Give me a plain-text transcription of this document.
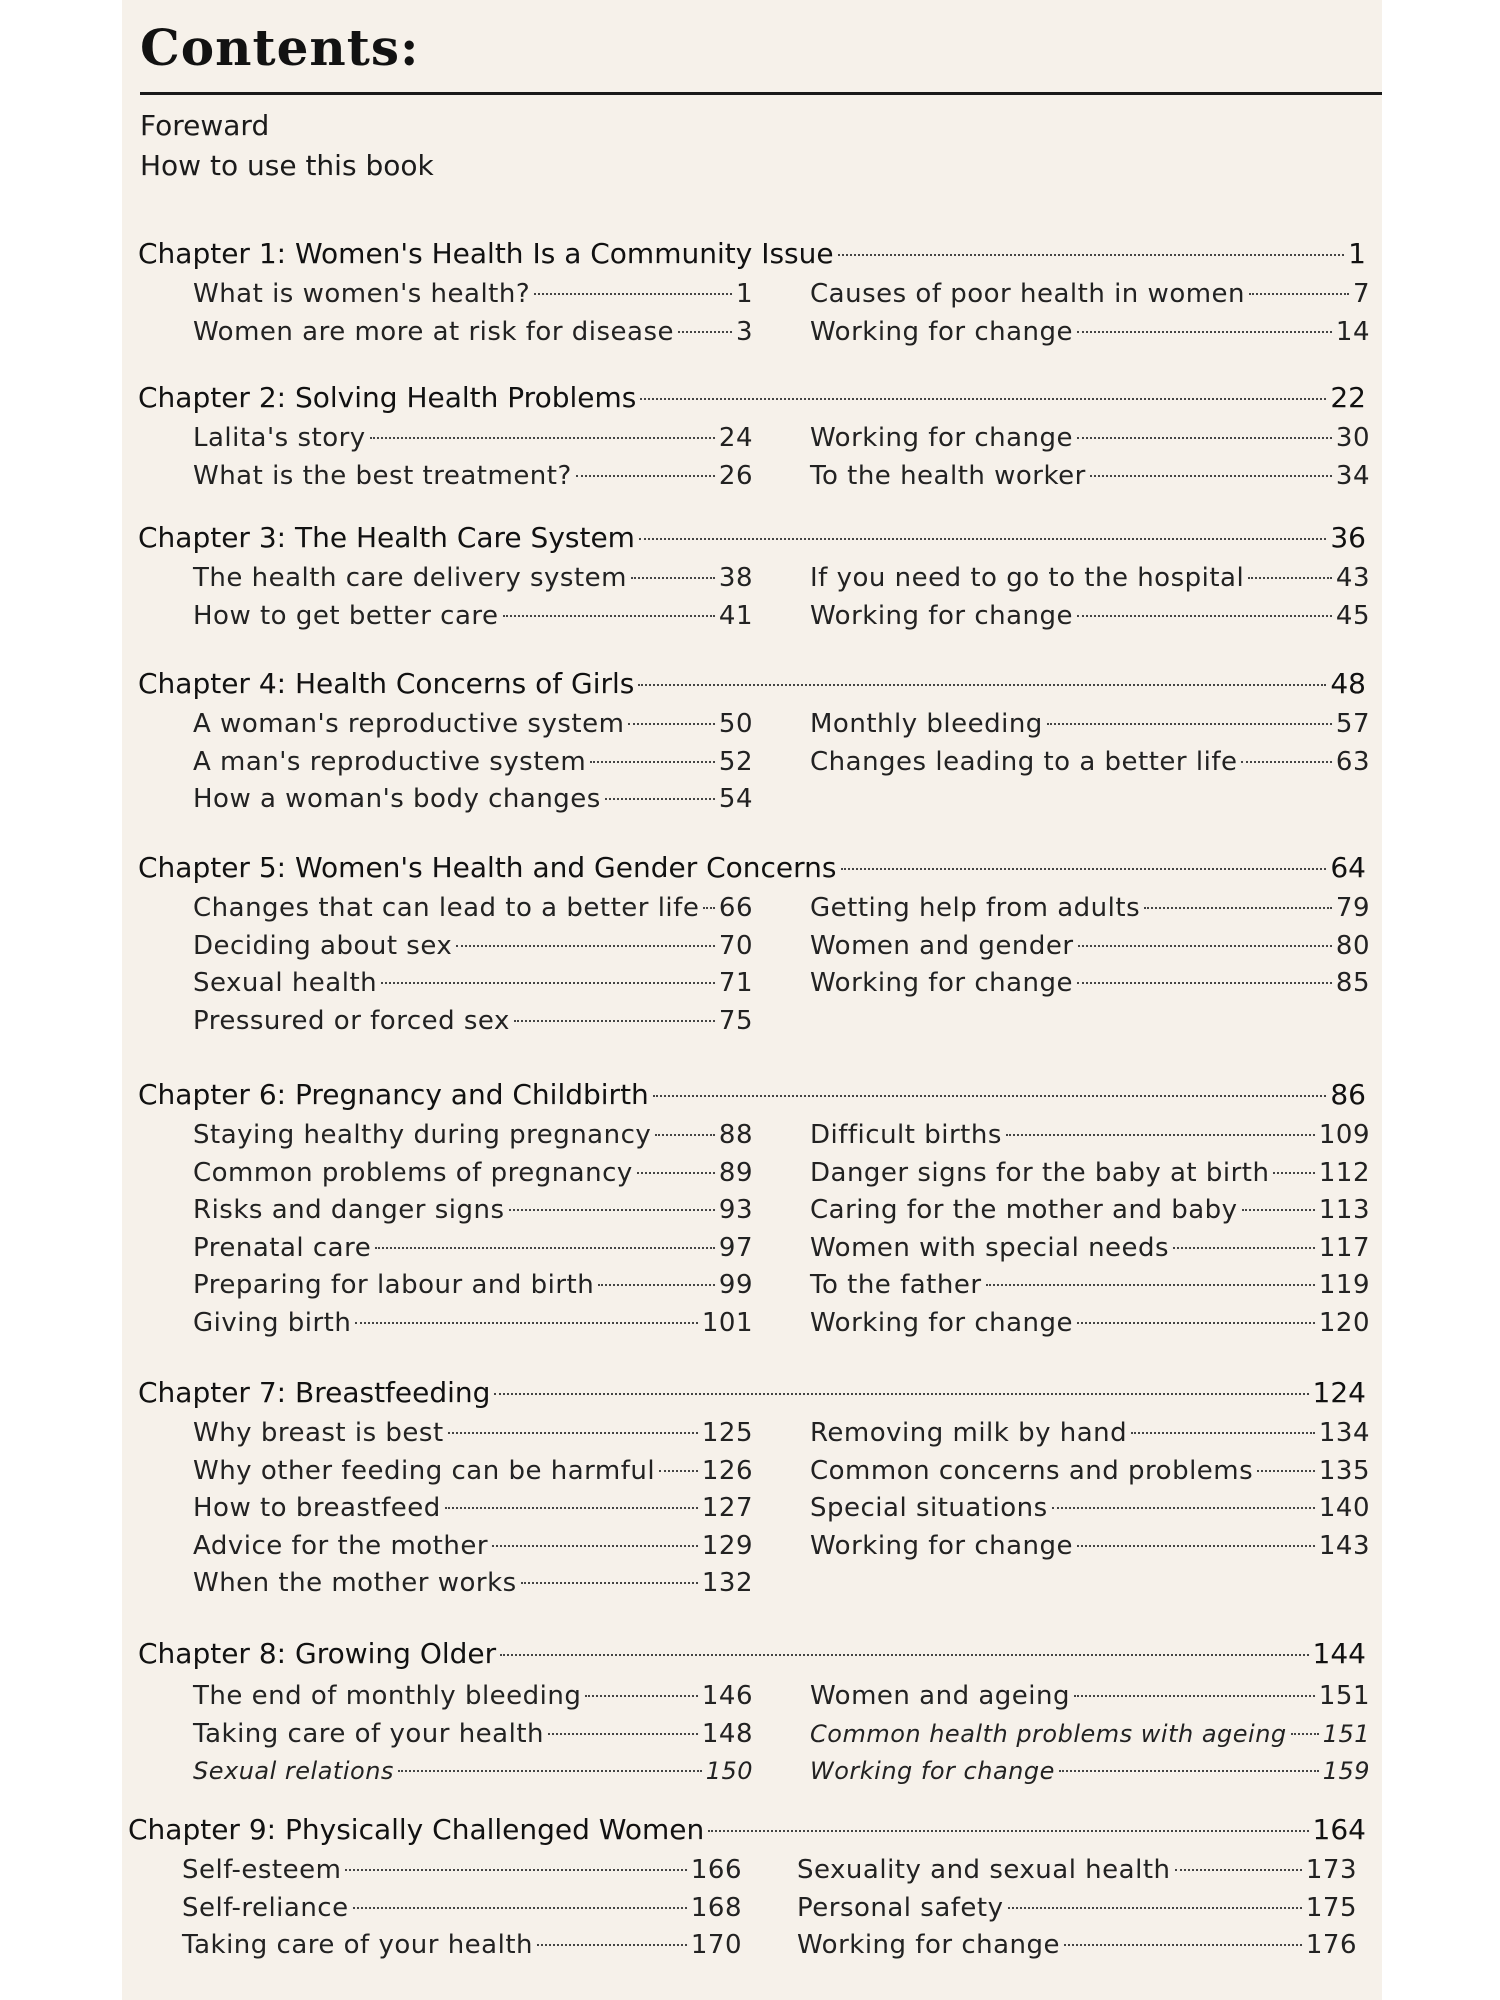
Contents:
Foreward
How to use this book
Chapter 1: Women's Health Is a Community Issue	1
What is women's health?	1
Women are more at risk for disease 3
Causes of poor health in women	7
Working for change	14
Chapter 2: Solving Health Problems	22
Lalita's story	24
What is the best treatment?	26
Working for change	30
To the health worker	34
Chapter 3: The Health Care System	36
The health care delivery system	38
How to get better care	41
If you need to go to the hospital	43
Working for change	45
Chapter 4: Health Concerns of Girls	48
A woman's reproductive system	50
A man's reproductive system	52
How a woman's body changes	54
Monthly bleeding	57
Changes leading to a better life	63
Chapter 5: Women's Health and Gender Concerns	64
Changes that can lead to a better life 66
Deciding about sex	70
Sexual health	71
Pressured or forced sex	75
Getting help from adults	79
Women and gender	80
Working for change	85
Chapter 6: Pregnancy and Childbirth	86
Staying healthy during pregnancy	88
Common problems of pregnancy	89
Risks and danger signs	93
Prenatal care	97
Preparing for labour and birth	99
Giving birth	101
Difficult births	109
Danger signs for the baby at birth 112
Caring for the mother and baby	113
Women with special needs	117
To the father	119
Working for change	120
Chapter 7: Breastfeeding	124
Why breast is best	125
Why other feeding can be harmful 126
How to breastfeed	127
Advice for the mother	129
When the mother works	132
Removing milk by hand	134
Common concerns and problems	135
Special situations	140
Working for change	143
Chapter 8: Growing Older	144
The end of monthly bleeding	146
Taking care of your health	148
Sexual relations	150
Women and ageing	151
Common health problems with ageing 151
Working for change	159
Chapter 9: Physically Challenged Women	164
Self-esteem	166
Self-reliance	168
Taking care of your health	170
Sexuality and sexual health	173
Personal safety	175
Working for change	176
